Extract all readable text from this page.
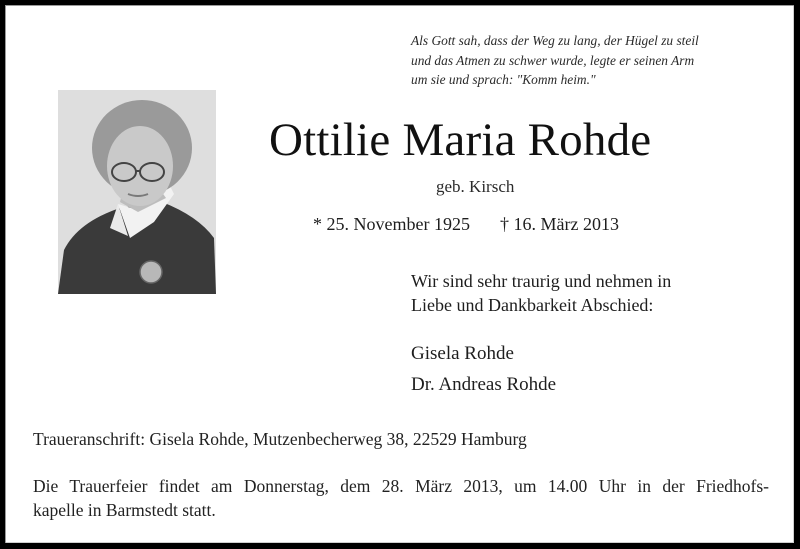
Als Gott sah, dass der Weg zu lang, der Hügel zu steil
und das Atmen zu schwer wurde, legte er seinen Arm
um sie und sprach: "Komm heim."
Ottilie Maria Rohde
geb. Kirsch
* 25. November 1925 † 16. März 2013
Wir sind sehr traurig und nehmen in
Liebe und Dankbarkeit Abschied:
Gisela Rohde
Dr. Andreas Rohde
Traueranschrift: Gisela Rohde, Mutzenbecherweg 38, 22529 Hamburg
Die Trauerfeier findet am Donnerstag, dem 28. März 2013, um 14.00 Uhr in der Friedhofs-
kapelle in Barmstedt statt.
